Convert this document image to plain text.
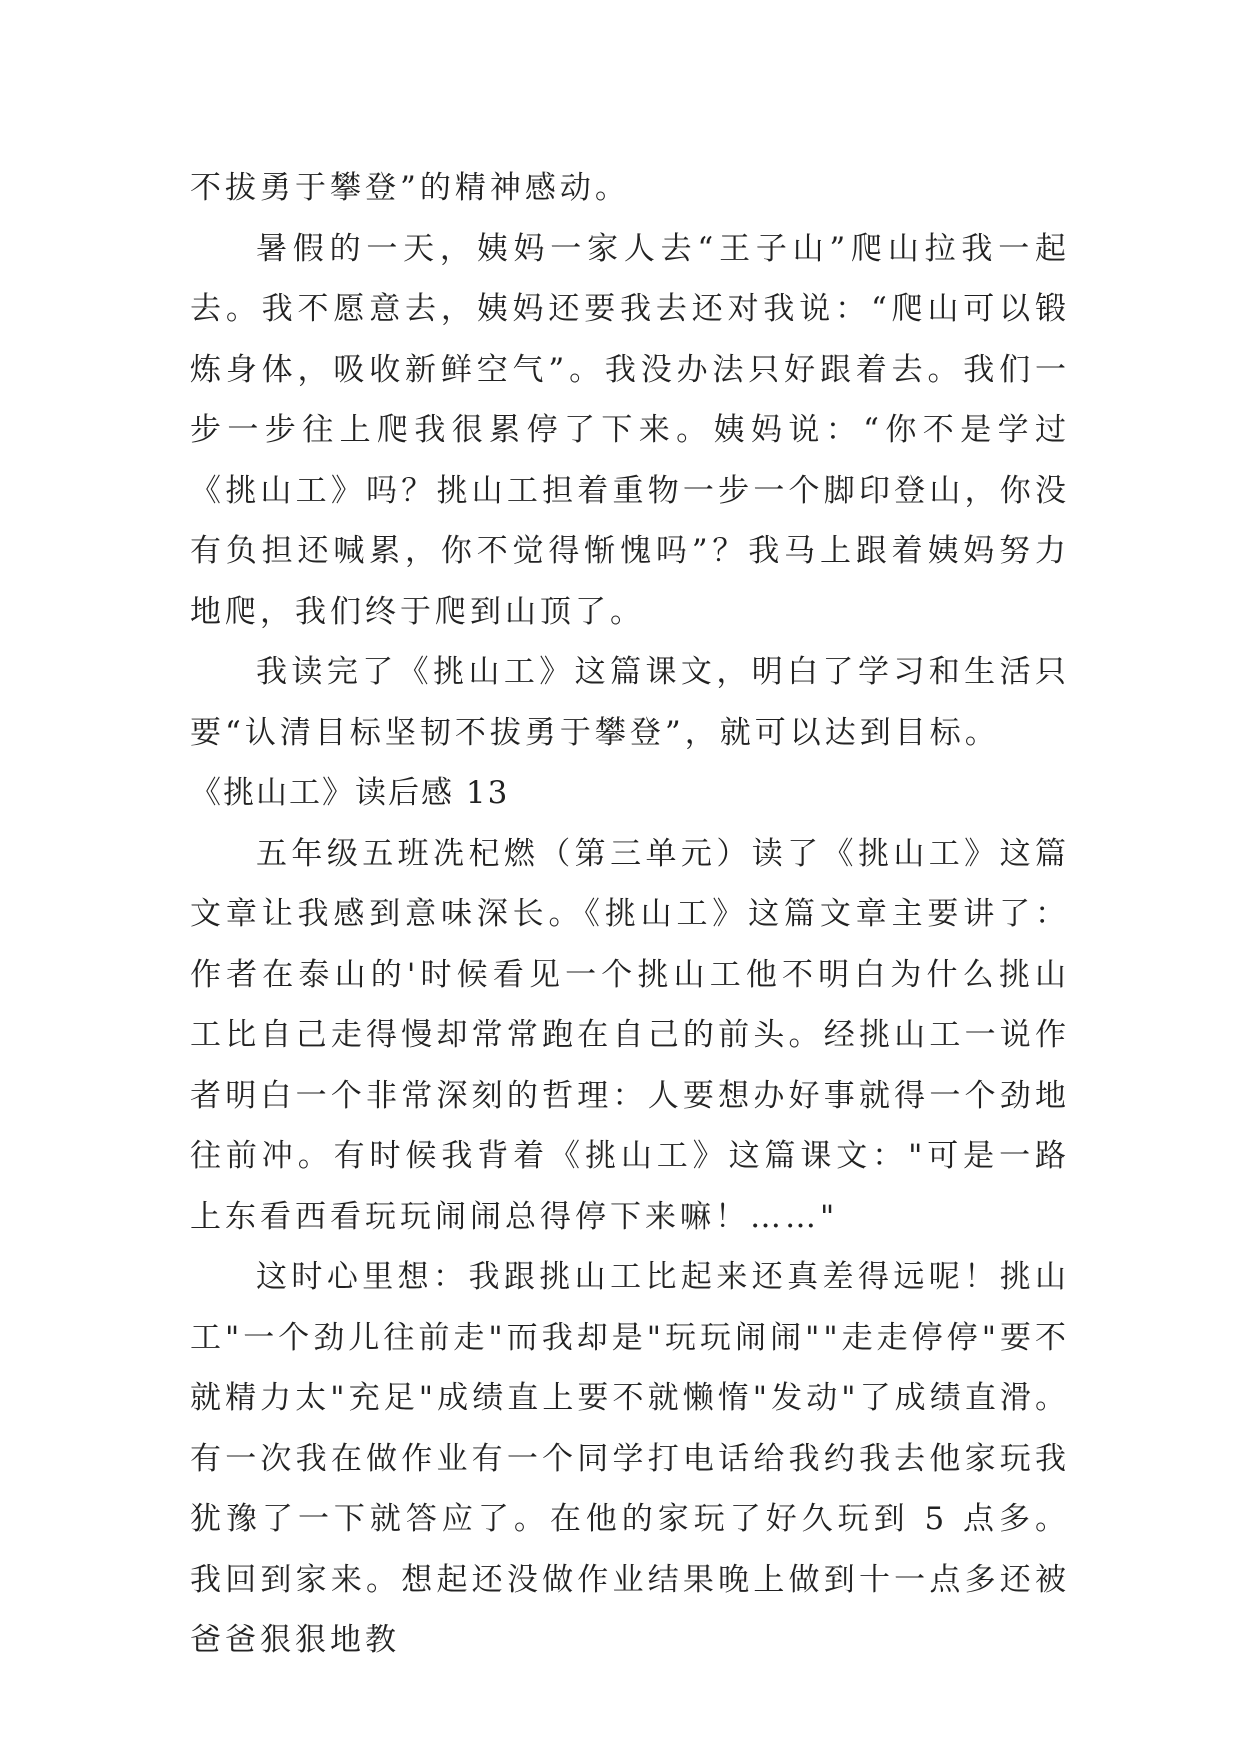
不拔勇于攀登”的精神感动。

暑假的一天，姨妈一家人去“王子山”爬山拉我一起去。我不愿意去，姨妈还要我去还对我说：“爬山可以锻炼身体，吸收新鲜空气”。我没办法只好跟着去。我们一步一步往上爬我很累停了下来。姨妈说：“你不是学过《挑山工》吗？挑山工担着重物一步一个脚印登山，你没有负担还喊累，你不觉得惭愧吗”？我马上跟着姨妈努力地爬，我们终于爬到山顶了。

我读完了《挑山工》这篇课文，明白了学习和生活只要“认清目标坚韧不拔勇于攀登”，就可以达到目标。

《挑山工》读后感 13

五年级五班冼杞燃（第三单元）读了《挑山工》这篇文章让我感到意味深长。《挑山工》这篇文章主要讲了：作者在泰山的'时候看见一个挑山工他不明白为什么挑山工比自己走得慢却常常跑在自己的前头。经挑山工一说作者明白一个非常深刻的哲理：人要想办好事就得一个劲地往前冲。有时候我背着《挑山工》这篇课文："可是一路上东看西看玩玩闹闹总得停下来嘛！……"

这时心里想：我跟挑山工比起来还真差得远呢！挑山工"一个劲儿往前走"而我却是"玩玩闹闹""走走停停"要不就精力太"充足"成绩直上要不就懒惰"发动"了成绩直滑。有一次我在做作业有一个同学打电话给我约我去他家玩我犹豫了一下就答应了。在他的家玩了好久玩到 5 点多。我回到家来。想起还没做作业结果晚上做到十一点多还被爸爸狠狠地教
